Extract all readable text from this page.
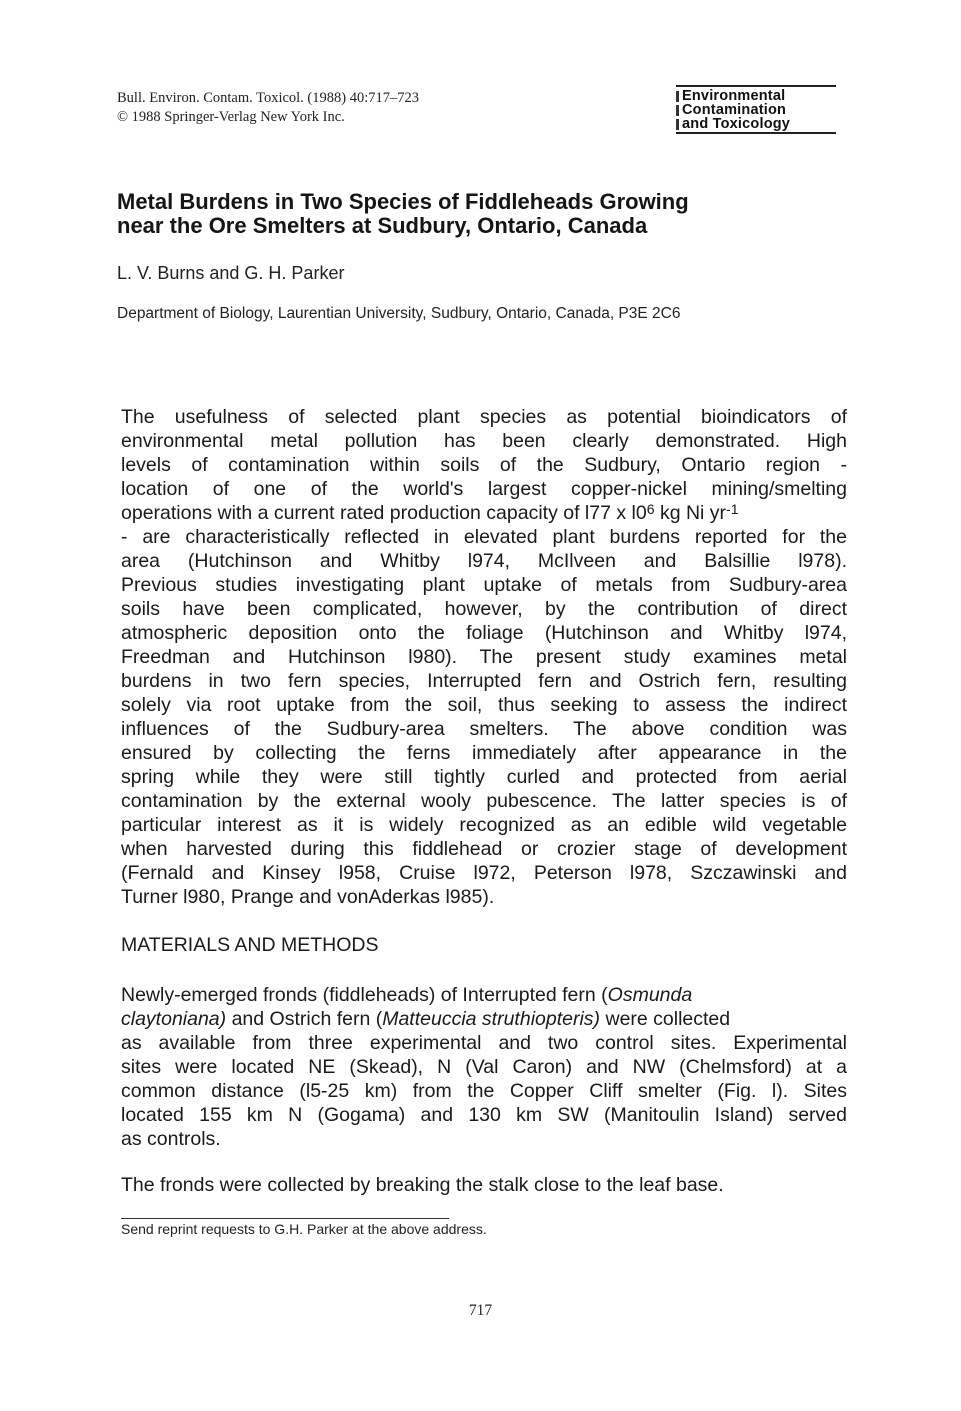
Bull. Environ. Contam. Toxicol. (1988) 40:717–723
© 1988 Springer-Verlag New York Inc.
Environmental
Contamination
and Toxicology
Metal Burdens in Two Species of Fiddleheads Growing
near the Ore Smelters at Sudbury, Ontario, Canada
L. V. Burns and G. H. Parker
Department of Biology, Laurentian University, Sudbury, Ontario, Canada, P3E 2C6
The usefulness of selected plant species as potential bioindicators of
environmental metal pollution has been clearly demonstrated. High
levels of contamination within soils of the Sudbury, Ontario region -
location of one of the world's largest copper-nickel mining/smelting
operations with a current rated production capacity of l77 x $l0^6$ kg Ni $yr^{-1}$
- are characteristically reflected in elevated plant burdens reported for the
area (Hutchinson and Whitby l974, McIlveen and Balsillie l978).
Previous studies investigating plant uptake of metals from Sudbury-area
soils have been complicated, however, by the contribution of direct
atmospheric deposition onto the foliage (Hutchinson and Whitby l974,
Freedman and Hutchinson l980). The present study examines metal
burdens in two fern species, Interrupted fern and Ostrich fern, resulting
solely via root uptake from the soil, thus seeking to assess the indirect
influences of the Sudbury-area smelters. The above condition was
ensured by collecting the ferns immediately after appearance in the
spring while they were still tightly curled and protected from aerial
contamination by the external wooly pubescence. The latter species is of
particular interest as it is widely recognized as an edible wild vegetable
when harvested during this fiddlehead or crozier stage of development
(Fernald and Kinsey l958, Cruise l972, Peterson l978, Szczawinski and
Turner l980, Prange and vonAderkas l985).
MATERIALS AND METHODS
Newly-emerged fronds (fiddleheads) of Interrupted fern (Osmunda
claytoniana) and Ostrich fern (Matteuccia struthiopteris) were collected
as available from three experimental and two control sites. Experimental
sites were located NE (Skead), N (Val Caron) and NW (Chelmsford) at a
common distance (l5-25 km) from the Copper Cliff smelter (Fig. l). Sites
located 155 km N (Gogama) and 130 km SW (Manitoulin Island) served
as controls.
The fronds were collected by breaking the stalk close to the leaf base.
Send reprint requests to G.H. Parker at the above address.
717
